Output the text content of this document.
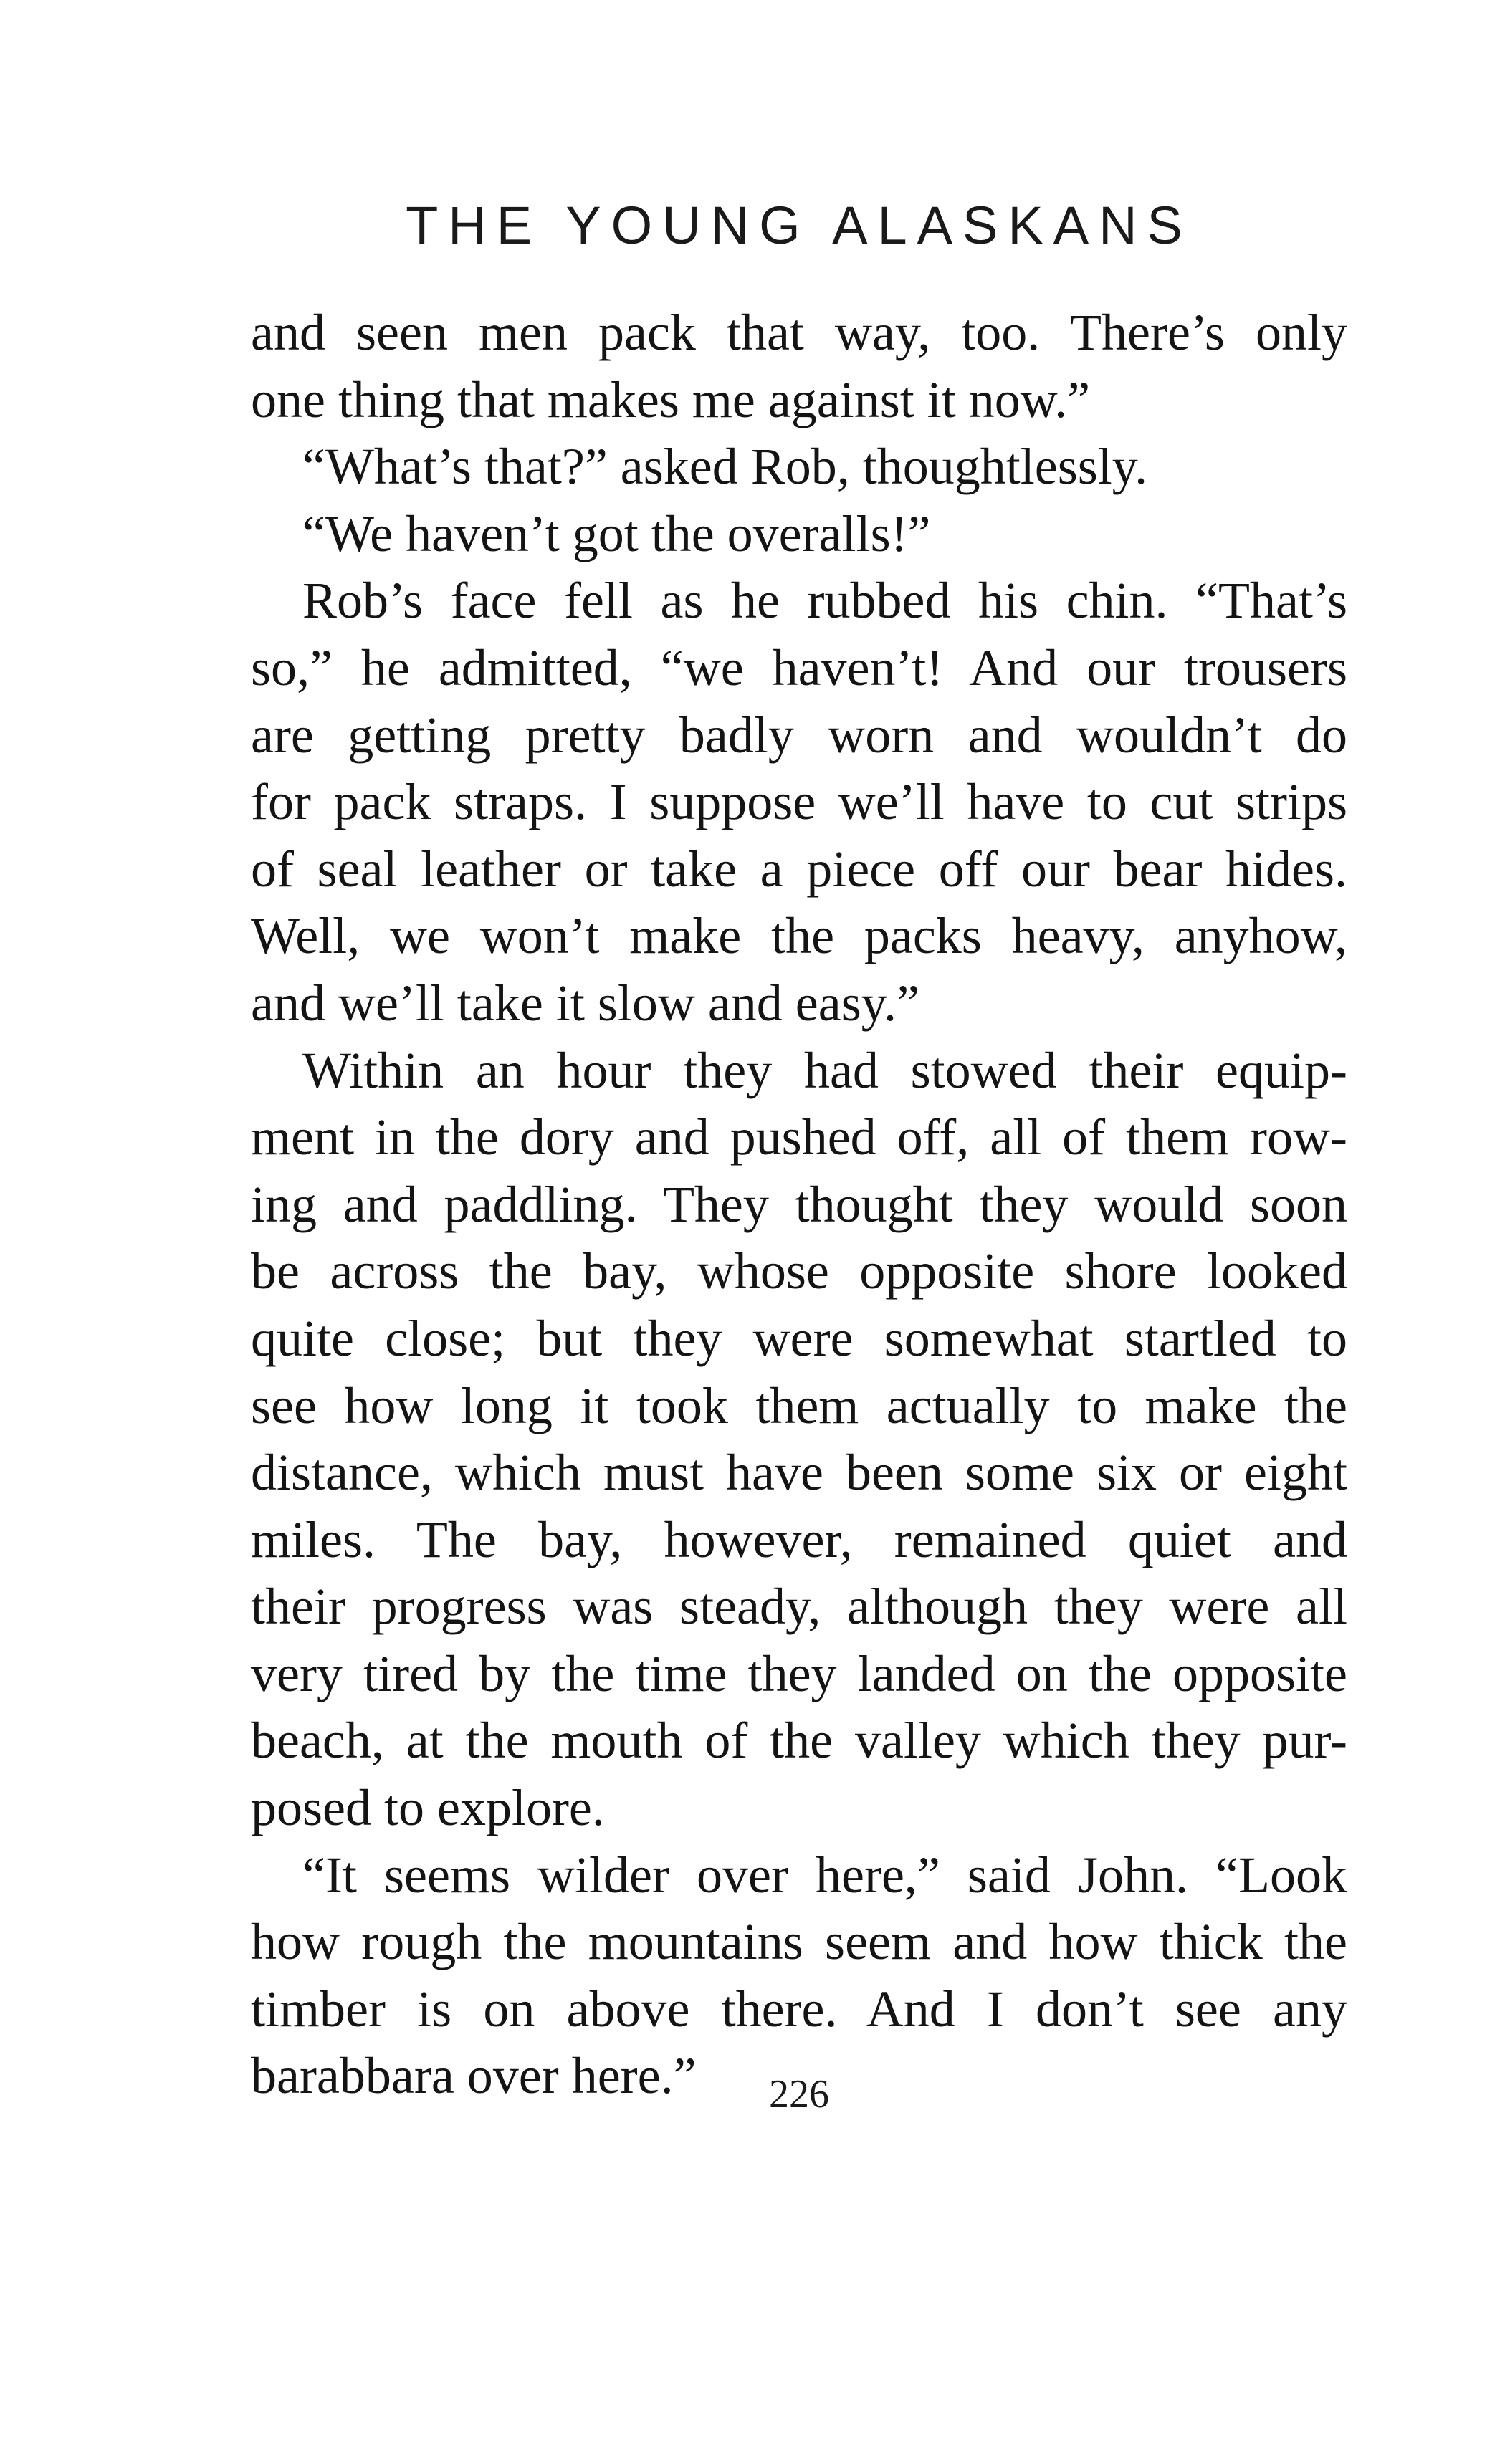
THE YOUNG ALASKANS

and seen men pack that way, too. There’s only
one thing that makes me against it now.”

“What’s that?” asked Rob, thoughtlessly.

“We haven’t got the overalls!”

Rob’s face fell as he rubbed his chin. “That’s
so,” he admitted, “we haven’t! And our trousers
are getting pretty badly worn and wouldn’t do
for pack straps. I suppose we’ll have to cut strips
of seal leather or take a piece off our bear hides.
Well, we won’t make the packs heavy, anyhow,
and we’ll take it slow and easy.”

Within an hour they had stowed their equip-
ment in the dory and pushed off, all of them row-
ing and paddling. They thought they would soon
be across the bay, whose opposite shore looked
quite close; but they were somewhat startled to
see how long it took them actually to make the
distance, which must have been some six or eight
miles. The bay, however, remained quiet and
their progress was steady, although they were all
very tired by the time they landed on the opposite
beach, at the mouth of the valley which they pur-
posed to explore.

“It seems wilder over here,” said John. “Look
how rough the mountains seem and how thick the
timber is on above there. And I don’t see any
barabbara over here.”	226
